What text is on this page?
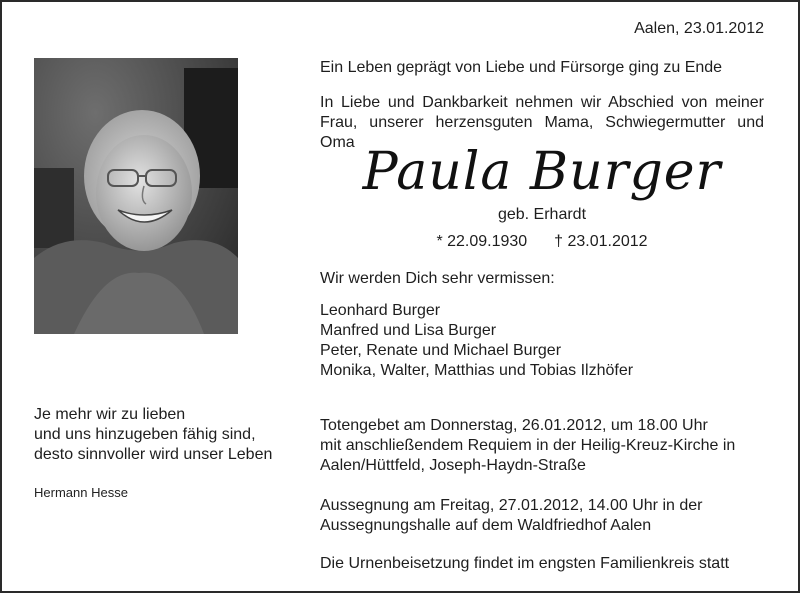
Aalen, 23.01.2012

Ein Leben geprägt von Liebe und Fürsorge ging zu Ende

In Liebe und Dankbarkeit nehmen wir Abschied von meiner

Frau, unserer herzensguten Mama, Schwiegermutter und Oma Paula Burger
geb. Erhardt
* 22.09.1930 † 23.01.2012

Wir werden Dich sehr vermissen:

Leonhard Burger

Manfred und Lisa Burger

Peter, Renate und Michael Burger

Monika, Walter, Matthias und Tobias Ilzhöfer

Totengebet am Donnerstag, 26.01.2012, um 18.00 Uhr

mit anschließendem Requiem in der Heilig-Kreuz-Kirche in

Aalen/Hüttfeld, Joseph-Haydn-Straße

Aussegnung am Freitag, 27.01.2012, 14.00 Uhr in der

Aussegnungshalle auf dem Waldfriedhof Aalen

Die Urnenbeisetzung findet im engsten Familienkreis statt

Je mehr wir zu lieben
und uns hinzugeben fähig sind,
desto sinnvoller wird unser Leben
Hermann Hesse
